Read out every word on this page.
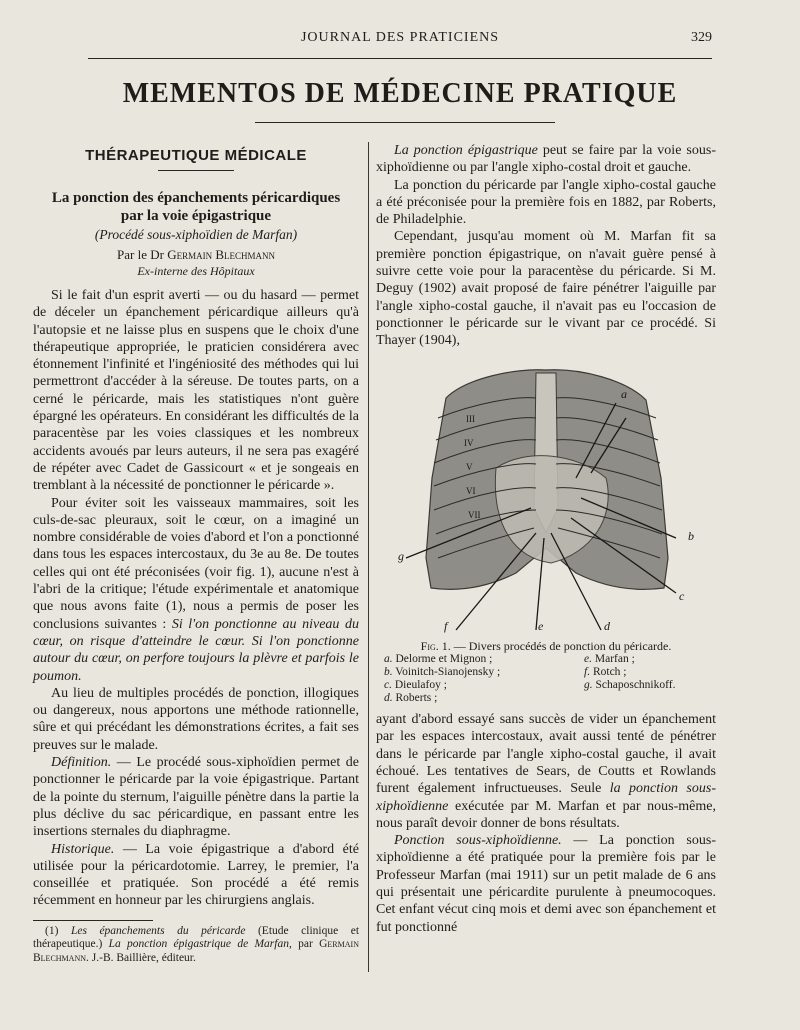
JOURNAL DES PRATICIENS	329
MEMENTOS DE MÉDECINE PRATIQUE
THÉRAPEUTIQUE MÉDICALE
La ponction des épanchements péricardiques
par la voie épigastrique
(Procédé sous-xiphoïdien de Marfan)
Par le Dr Germain Blechmann
Ex-interne des Hôpitaux

Si le fait d'un esprit averti — ou du hasard — permet de déceler un épanchement péricardique ailleurs qu'à l'autopsie et ne laisse plus en suspens que le choix d'une thérapeutique appropriée, le praticien considérera avec étonnement l'infinité et l'ingéniosité des méthodes qui lui permettront d'accéder à la séreuse. De toutes parts, on a cerné le péricarde, mais les statistiques n'ont guère épargné les opérateurs. En considérant les difficultés de la paracentèse par les voies classiques et les nombreux accidents avoués par leurs auteurs, il ne sera pas exagéré de répéter avec Cadet de Gassicourt « et je songeais en tremblant à la nécessité de ponctionner le péricarde ».

Pour éviter soit les vaisseaux mammaires, soit les culs-de-sac pleuraux, soit le cœur, on a imaginé un nombre considérable de voies d'abord et l'on a ponctionné dans tous les espaces intercostaux, du 3e au 8e. De toutes celles qui ont été préconisées (voir fig. 1), aucune n'est à l'abri de la critique; l'étude expérimentale et anatomique que nous avons faite (1), nous a permis de poser les conclusions suivantes : Si l'on ponctionne au niveau du cœur, on risque d'atteindre le cœur. Si l'on ponctionne autour du cœur, on perfore toujours la plèvre et parfois le poumon.

Au lieu de multiples procédés de ponction, illogiques ou dangereux, nous apportons une méthode rationnelle, sûre et qui précédant les démonstrations écrites, a fait ses preuves sur le malade.

Définition. — Le procédé sous-xiphoïdien permet de ponctionner le péricarde par la voie épigastrique. Partant de la pointe du sternum, l'aiguille pénètre dans la partie la plus déclive du sac péricardique, en passant entre les insertions sternales du diaphragme.

Historique. — La voie épigastrique a d'abord été utilisée pour la péricardotomie. Larrey, le premier, l'a conseillée et pratiquée. Son procédé a été remis récemment en honneur par les chirurgiens anglais.

(1) Les épanchements du péricarde (Etude clinique et thérapeutique.) La ponction épigastrique de Marfan, par Germain Blechmann. J.-B. Baillière, éditeur.

La ponction épigastrique peut se faire par la voie sous-xiphoïdienne ou par l'angle xipho-costal droit et gauche.

La ponction du péricarde par l'angle xipho-costal gauche a été préconisée pour la première fois en 1882, par Roberts, de Philadelphie.

Cependant, jusqu'au moment où M. Marfan fit sa première ponction épigastrique, on n'avait guère pensé à suivre cette voie pour la paracentèse du péricarde. Si M. Deguy (1902) avait proposé de faire pénétrer l'aiguille par l'angle xipho-costal gauche, il n'avait pas eu l'occasion de ponctionner le péricarde sur le vivant par ce procédé. Si Thayer (1904),

b
c
d
e
f
g
a
III
IV
V
VI
VII
Fig. 1. — Divers procédés de ponction du péricarde.
a. Delorme et Mignon ;	e. Marfan ;
b. Voinitch-Sianojensky ;	f. Rotch ;
c. Dieulafoy ;	g. Schaposchnikoff.
d. Roberts ;

ayant d'abord essayé sans succès de vider un épanchement par les espaces intercostaux, avait aussi tenté de pénétrer dans le péricarde par l'angle xipho-costal gauche, il avait échoué. Les tentatives de Sears, de Coutts et Rowlands furent également infructueuses. Seule la ponction sous-xiphoïdienne exécutée par M. Marfan et par nous-même, nous paraît devoir donner de bons résultats.

Ponction sous-xiphoïdienne. — La ponction sous-xiphoïdienne a été pratiquée pour la première fois par le Professeur Marfan (mai 1911) sur un petit malade de 6 ans qui présentait une péricardite purulente à pneumocoques. Cet enfant vécut cinq mois et demi avec son épanchement et fut ponctionné
